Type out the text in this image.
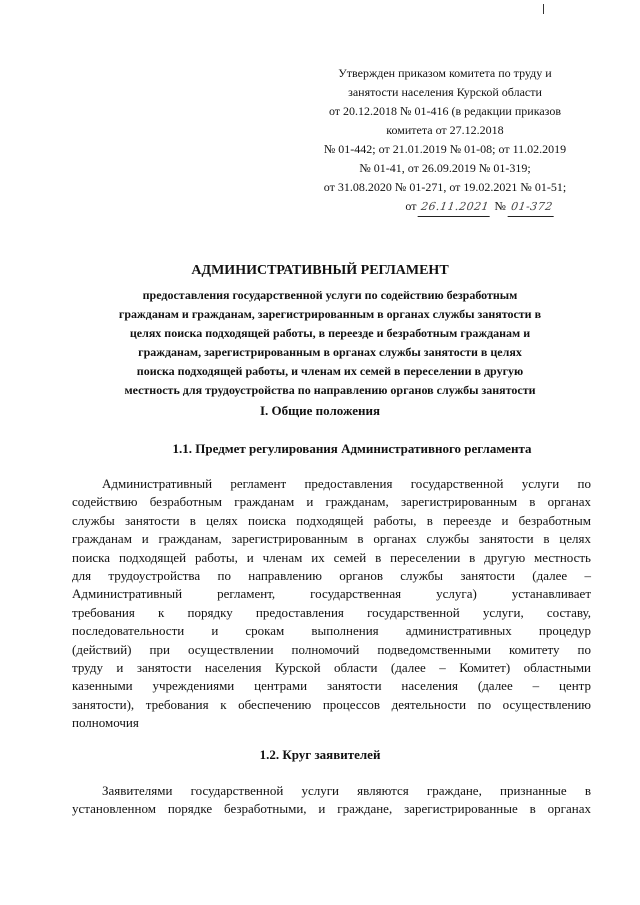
Утвержден приказом комитета по труду и
занятости населения Курской области
от 20.12.2018 № 01-416 (в редакции приказов
комитета от 27.12.2018
№ 01-442; от 21.01.2019 № 01-08; от 11.02.2019
№ 01-41, от 26.09.2019 № 01-319;
от 31.08.2020 № 01-271, от 19.02.2021 № 01-51;
от 26.11.2021 № 01-372
АДМИНИСТРАТИВНЫЙ РЕГЛАМЕНТ
предоставления государственной услуги по содействию безработным
гражданам и гражданам, зарегистрированным в органах службы занятости в
целях поиска подходящей работы, в переезде и безработным гражданам и
гражданам, зарегистрированным в органах службы занятости в целях
поиска подходящей работы, и членам их семей в переселении в другую
местность для трудоустройства по направлению органов службы занятости
I. Общие положения
1.1. Предмет регулирования Административного регламента
Административный регламент предоставления государственной услуги по
содействию безработным гражданам и гражданам, зарегистрированным в органах
службы занятости в целях поиска подходящей работы, в переезде и безработным
гражданам и гражданам, зарегистрированным в органах службы занятости в целях
поиска подходящей работы, и членам их семей в переселении в другую местность
для трудоустройства по направлению органов службы занятости (далее –
Административный регламент, государственная услуга) устанавливает
требования к порядку предоставления государственной услуги, составу,
последовательности и срокам выполнения административных процедур
(действий) при осуществлении полномочий подведомственными комитету по
труду и занятости населения Курской области (далее – Комитет) областными
казенными учреждениями центрами занятости населения (далее – центр
занятости), требования к обеспечению процессов деятельности по осуществлению
полномочия
1.2. Круг заявителей
Заявителями государственной услуги являются граждане, признанные в
установленном порядке безработными, и граждане, зарегистрированные в органах
